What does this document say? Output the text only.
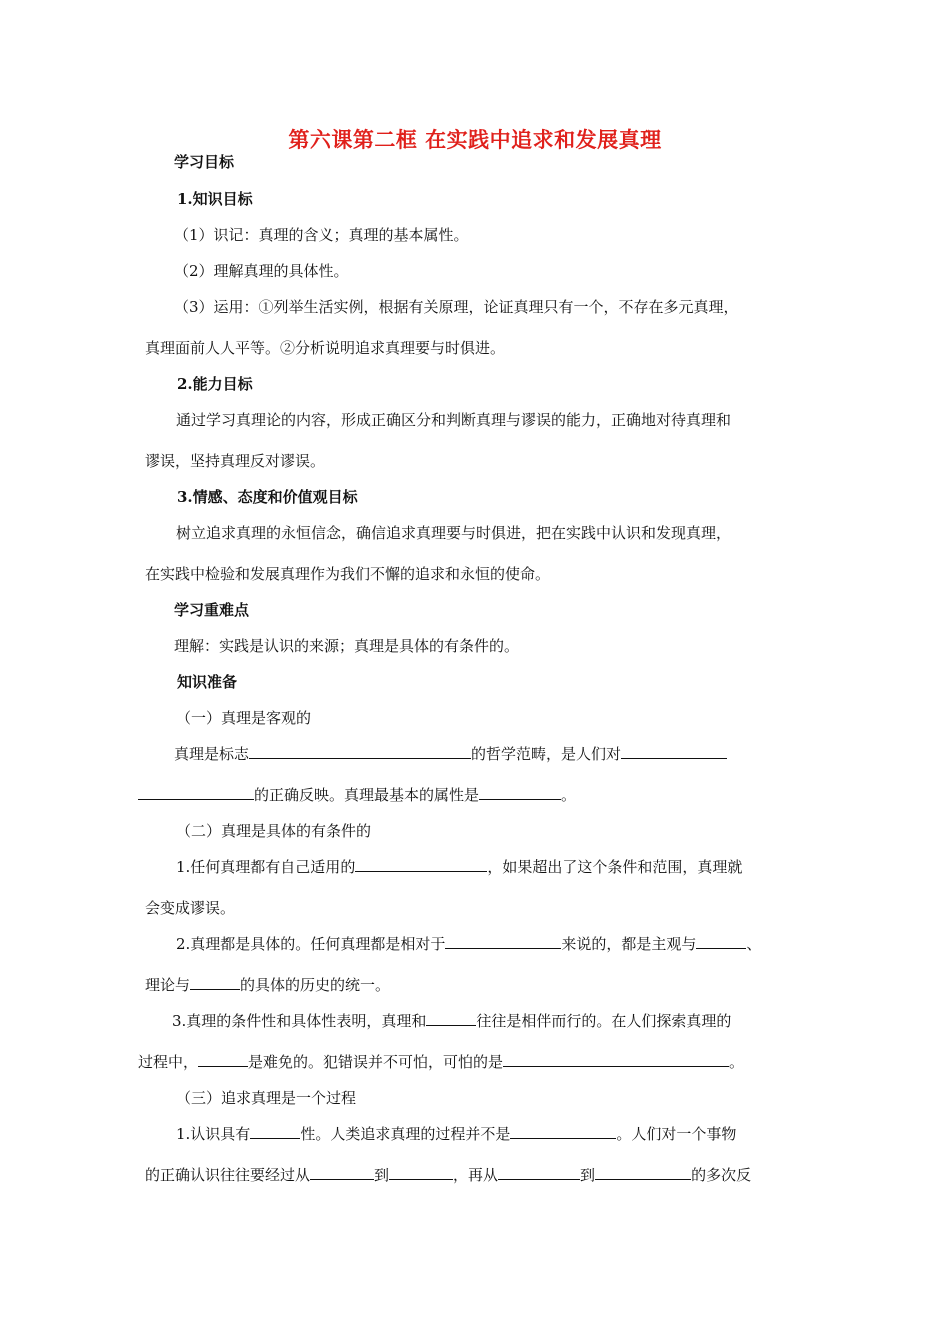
第六课第二框 在实践中追求和发展真理
学习目标
1.知识目标
（1）识记：真理的含义；真理的基本属性。
（2）理解真理的具体性。
（3）运用：①列举生活实例，根据有关原理，论证真理只有一个，不存在多元真理，
真理面前人人平等。②分析说明追求真理要与时俱进。
2.能力目标
通过学习真理论的内容，形成正确区分和判断真理与谬误的能力，正确地对待真理和
谬误，坚持真理反对谬误。
3.情感、态度和价值观目标
树立追求真理的永恒信念，确信追求真理要与时俱进，把在实践中认识和发现真理，
在实践中检验和发展真理作为我们不懈的追求和永恒的使命。
学习重难点
理解：实践是认识的来源；真理是具体的有条件的。
知识准备
（一）真理是客观的
真理是标志	的哲学范畴，是人们对
的正确反映。真理最基本的属性是	。
（二）真理是具体的有条件的
1.任何真理都有自己适用的	，如果超出了这个条件和范围，真理就
会变成谬误。
2.真理都是具体的。任何真理都是相对于	来说的，都是主观与	、
理论与	的具体的历史的统一。
3.真理的条件性和具体性表明，真理和	往往是相伴而行的。在人们探索真理的
过程中，	是难免的。犯错误并不可怕，可怕的是	。
（三）追求真理是一个过程
1.认识具有	性。人类追求真理的过程并不是	。人们对一个事物
的正确认识往往要经过从	到	，再从	到	的多次反
